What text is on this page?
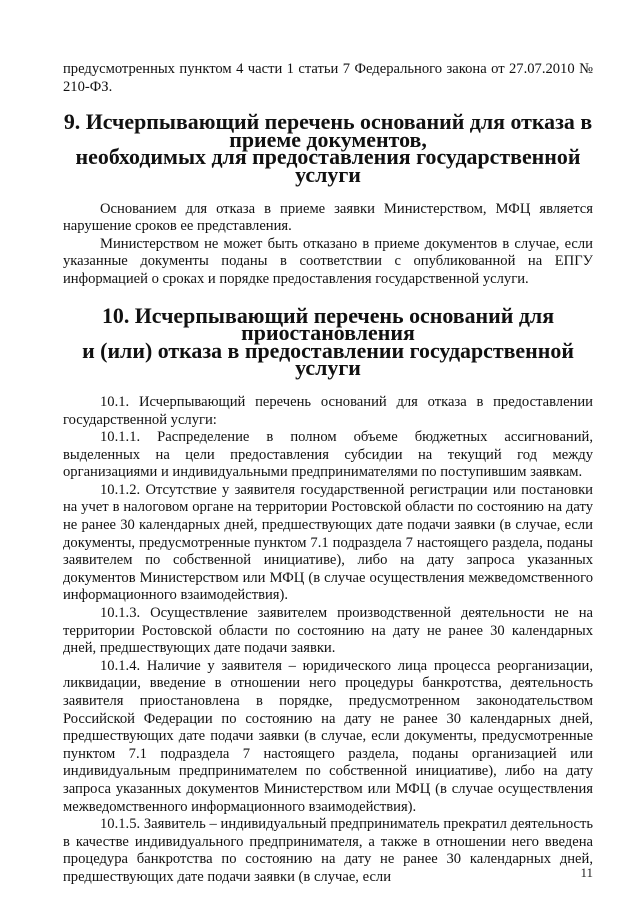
предусмотренных пунктом 4 части 1 статьи 7 Федерального закона от 27.07.2010 № 210-ФЗ.

9. Исчерпывающий перечень оснований для отказа в приеме документов,
необходимых для предоставления государственной услуги

Основанием для отказа в приеме заявки Министерством, МФЦ является нарушение сроков ее представления.

Министерством не может быть отказано в приеме документов в случае, если указанные документы поданы в соответствии с опубликованной на ЕПГУ информацией о сроках и порядке предоставления государственной услуги.

10. Исчерпывающий перечень оснований для приостановления
и (или) отказа в предоставлении государственной услуги

10.1. Исчерпывающий перечень оснований для отказа в предоставлении государственной услуги:

10.1.1. Распределение в полном объеме бюджетных ассигнований, выделенных на цели предоставления субсидии на текущий год между организациями и индивидуальными предпринимателями по поступившим заявкам.

10.1.2. Отсутствие у заявителя государственной регистрации или постановки на учет в налоговом органе на территории Ростовской области по состоянию на дату не ранее 30 календарных дней, предшествующих дате подачи заявки (в случае, если документы, предусмотренные пунктом 7.1 подраздела 7 настоящего раздела, поданы заявителем по собственной инициативе), либо на дату запроса указанных документов Министерством или МФЦ (в случае осуществления межведомственного информационного взаимодействия).

10.1.3. Осуществление заявителем производственной деятельности не на территории Ростовской области по состоянию на дату не ранее 30 календарных дней, предшествующих дате подачи заявки.

10.1.4. Наличие у заявителя – юридического лица процесса реорганизации, ликвидации, введение в отношении него процедуры банкротства, деятельность заявителя приостановлена в порядке, предусмотренном законодательством Российской Федерации по состоянию на дату не ранее 30 календарных дней, предшествующих дате подачи заявки (в случае, если документы, предусмотренные пунктом 7.1 подраздела 7 настоящего раздела, поданы организацией или индивидуальным предпринимателем по собственной инициативе), либо на дату запроса указанных документов Министерством или МФЦ (в случае осуществления межведомственного информационного взаимодействия).

10.1.5. Заявитель – индивидуальный предприниматель прекратил деятельность в качестве индивидуального предпринимателя, а также в отношении него введена процедура банкротства по состоянию на дату не ранее 30 календарных дней, предшествующих дате подачи заявки (в случае, если	11
